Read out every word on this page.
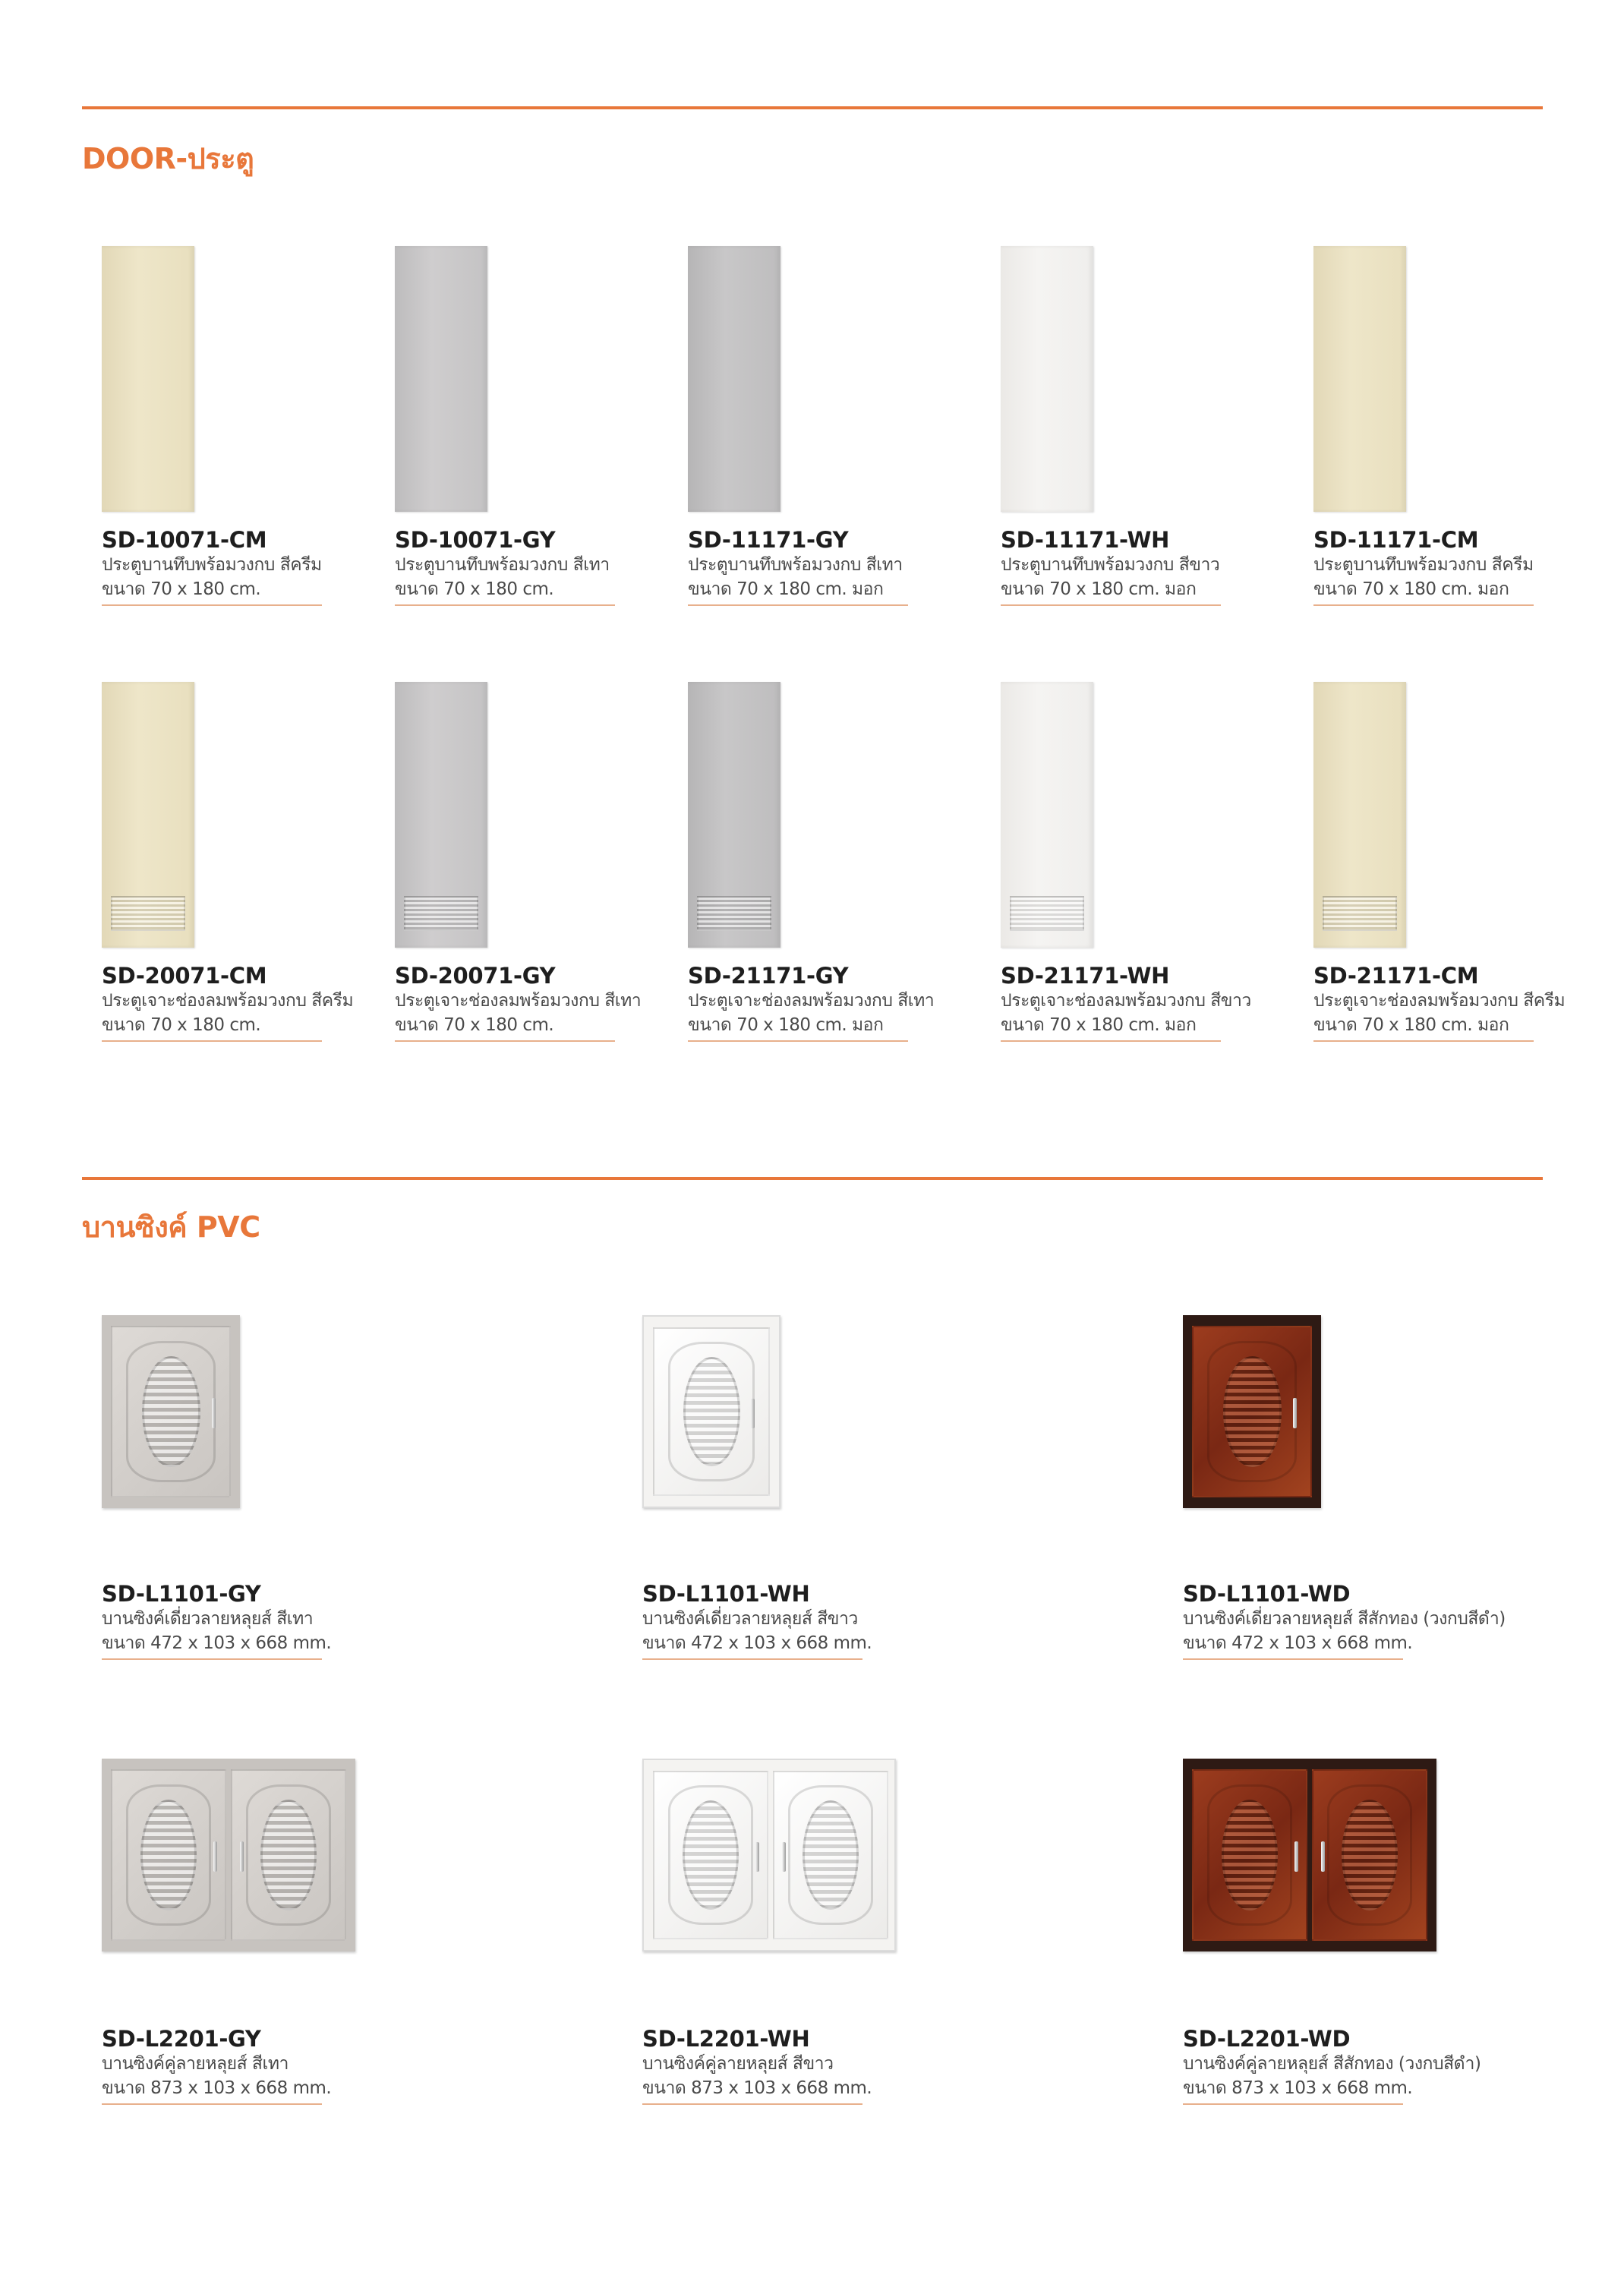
DOOR-ประตู
SD-10071-CM
ประตูบานทึบพร้อมวงกบ สีครีม
ขนาด 70 x 180 cm.
SD-10071-GY
ประตูบานทึบพร้อมวงกบ สีเทา
ขนาด 70 x 180 cm.
SD-11171-GY
ประตูบานทึบพร้อมวงกบ สีเทา
ขนาด 70 x 180 cm. มอก
SD-11171-WH
ประตูบานทึบพร้อมวงกบ สีขาว
ขนาด 70 x 180 cm. มอก
SD-11171-CM
ประตูบานทึบพร้อมวงกบ สีครีม
ขนาด 70 x 180 cm. มอก
SD-20071-CM
ประตูเจาะช่องลมพร้อมวงกบ สีครีม
ขนาด 70 x 180 cm.
SD-20071-GY
ประตูเจาะช่องลมพร้อมวงกบ สีเทา
ขนาด 70 x 180 cm.
SD-21171-GY
ประตูเจาะช่องลมพร้อมวงกบ สีเทา
ขนาด 70 x 180 cm. มอก
SD-21171-WH
ประตูเจาะช่องลมพร้อมวงกบ สีขาว
ขนาด 70 x 180 cm. มอก
SD-21171-CM
ประตูเจาะช่องลมพร้อมวงกบ สีครีม
ขนาด 70 x 180 cm. มอก
บานซิงค์ PVC
SD-L1101-GY
บานซิงค์เดี่ยวลายหลุยส์ สีเทา
ขนาด 472 x 103 x 668 mm.
SD-L1101-WH
บานซิงค์เดี่ยวลายหลุยส์ สีขาว
ขนาด 472 x 103 x 668 mm.
SD-L1101-WD
บานซิงค์เดี่ยวลายหลุยส์ สีสักทอง (วงกบสีดำ)
ขนาด 472 x 103 x 668 mm.
SD-L2201-GY
บานซิงค์คู่ลายหลุยส์ สีเทา
ขนาด 873 x 103 x 668 mm.
SD-L2201-WH
บานซิงค์คู่ลายหลุยส์ สีขาว
ขนาด 873 x 103 x 668 mm.
SD-L2201-WD
บานซิงค์คู่ลายหลุยส์ สีสักทอง (วงกบสีดำ)
ขนาด 873 x 103 x 668 mm.
